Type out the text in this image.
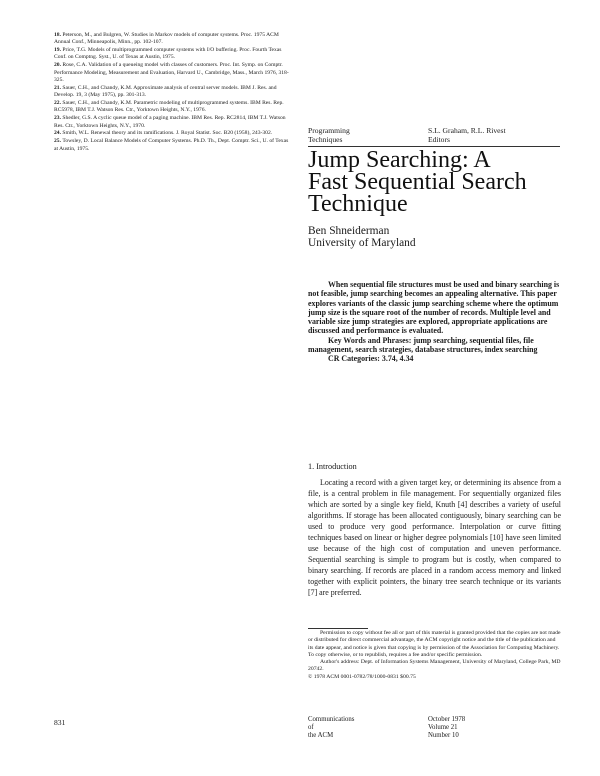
18. Peterson, M., and Bulgren, W. Studies in Markov models of computer systems. Proc. 1975 ACM Annual Conf., Minneapolis, Minn., pp. 102-107.
19. Price, T.G. Models of multiprogrammed computer systems with I/O buffering. Proc. Fourth Texas Conf. on Comptng. Syst., U. of Texas at Austin, 1975.
20. Rose, C.A. Validation of a queueing model with classes of customers. Proc. Int. Symp. on Comptr. Performance Modeling, Measurement and Evaluation, Harvard U., Cambridge, Mass., March 1976, 318-325.
21. Sauer, C.H., and Chandy, K.M. Approximate analysis of central server models. IBM J. Res. and Develop. 19, 3 (May 1975), pp. 301-313.
22. Sauer, C.H., and Chandy, K.M. Parametric modeling of multiprogrammed systems. IBM Res. Rep. RC5978, IBM T.J. Watson Res. Ctr., Yorktown Heights, N.Y., 1976.
23. Shedler, G.S. A cyclic queue model of a paging machine. IBM Res. Rep. RC2814, IBM T.J. Watson Res. Ctr., Yorktown Heights, N.Y., 1970.
24. Smith, W.L. Renewal theory and its ramifications. J. Royal Statist. Soc. B20 (1958), 243-302.
25. Towsley, D. Local Balance Models of Computer Systems. Ph.D. Th., Dept. Comptr. Sci., U. of Texas at Austin, 1975.
Programming
Techniques
S.L. Graham, R.L. Rivest
Editors
Jump Searching: A
Fast Sequential Search
Technique
Ben Shneiderman
University of Maryland

When sequential file structures must be used and binary searching is not feasible, jump searching becomes an appealing alternative. This paper explores variants of the classic jump searching scheme where the optimum jump size is the square root of the number of records. Multiple level and variable size jump strategies are explored, appropriate applications are discussed and performance is evaluated.

Key Words and Phrases: jump searching, sequential files, file management, search strategies, database structures, index searching

CR Categories: 3.74, 4.34

1. Introduction

Locating a record with a given target key, or determining its absence from a file, is a central problem in file management. For sequentially organized files which are sorted by a single key field, Knuth [4] describes a variety of useful algorithms. If storage has been allocated contiguously, binary searching can be used to produce very good performance. Interpolation or curve fitting techniques based on linear or higher degree polynomials [10] have seen limited use because of the high cost of computation and uneven performance. Sequential searching is simple to program but is costly, when compared to binary searching. If records are placed in a random access memory and linked together with explicit pointers, the binary tree search technique or its variants [7] are preferred.

Permission to copy without fee all or part of this material is granted provided that the copies are not made or distributed for direct commercial advantage, the ACM copyright notice and the title of the publication and its date appear, and notice is given that copying is by permission of the Association for Computing Machinery. To copy otherwise, or to republish, requires a fee and/or specific permission.

Author's address: Dept. of Information Systems Management, University of Maryland, College Park, MD 20742.

© 1978 ACM 0001-0782/78/1000-0831 $00.75

831	Communications
of
the ACM
October 1978
Volume 21
Number 10
